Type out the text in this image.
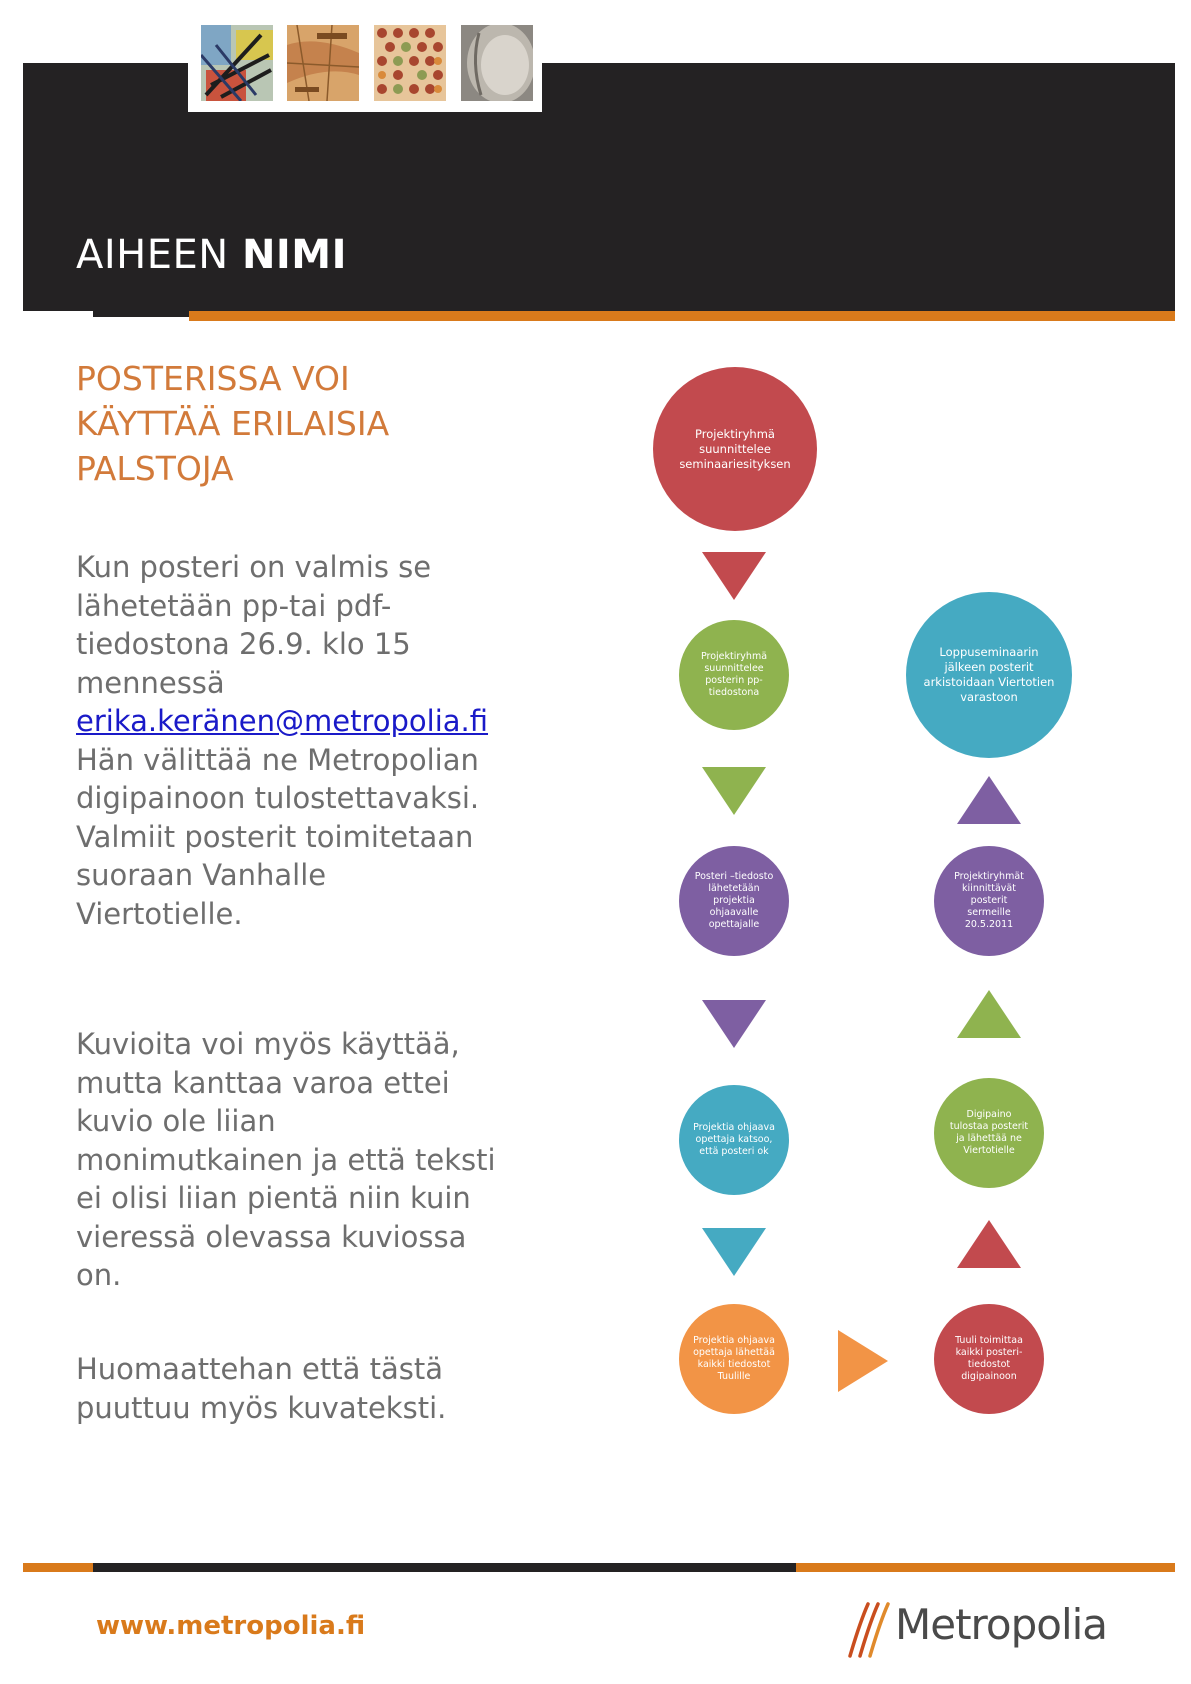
AIHEEN NIMI
POSTERISSA VOI KÄYTTÄÄ ERILAISIA PALSTOJA
Kun posteri on valmis se lähetetään pp-tai pdf-tiedostona 26.9. klo 15 mennessä erika.keränen@metropolia.fi
Hän välittää ne Metropolian digipainoon tulostettavaksi. Valmiit posterit toimitetaan suoraan Vanhalle Viertotielle.
Kuvioita voi myös käyttää, mutta kanttaa varoa ettei kuvio ole liian monimutkainen ja että teksti ei olisi liian pientä niin kuin vieressä olevassa kuviossa on.
Huomaattehan että tästä puuttuu myös kuvateksti.
Projektiryhmä suunnittelee seminaariesityksen
Projektiryhmä suunnittelee posterin pp-tiedostona
Posteri –tiedosto lähetetään projektia ohjaavalle opettajalle
Projektia ohjaava opettaja katsoo, että posteri ok
Projektia ohjaava opettaja lähettää kaikki tiedostot Tuulille
Tuuli toimittaa kaikki posteri-tiedostot digipainoon
Digipaino tulostaa posterit ja lähettää ne Viertotielle
Projektiryhmät kiinnittävät posterit sermeille 20.5.2011
Loppuseminaarin jälkeen posterit arkistoidaan Viertotien varastoon
www.metropolia.fi	Metropolia
